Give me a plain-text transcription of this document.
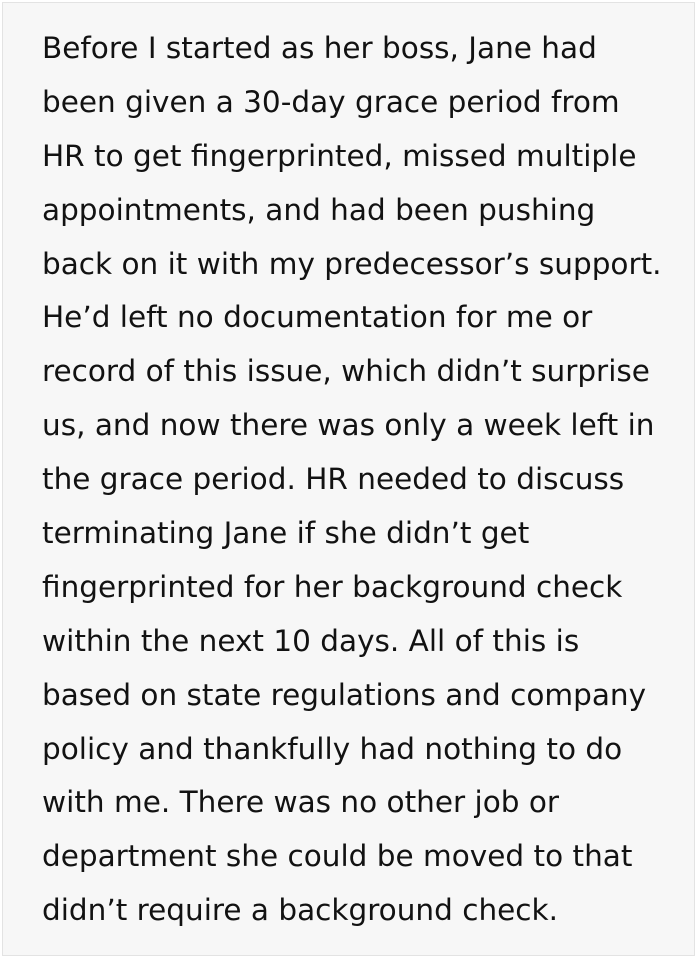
Before I started as her boss, Jane had
been given a 30-day grace period from
HR to get fingerprinted, missed multiple
appointments, and had been pushing
back on it with my predecessor’s support.
He’d left no documentation for me or
record of this issue, which didn’t surprise
us, and now there was only a week left in
the grace period. HR needed to discuss
terminating Jane if she didn’t get
fingerprinted for her background check
within the next 10 days. All of this is
based on state regulations and company
policy and thankfully had nothing to do
with me. There was no other job or
department she could be moved to that
didn’t require a background check.
